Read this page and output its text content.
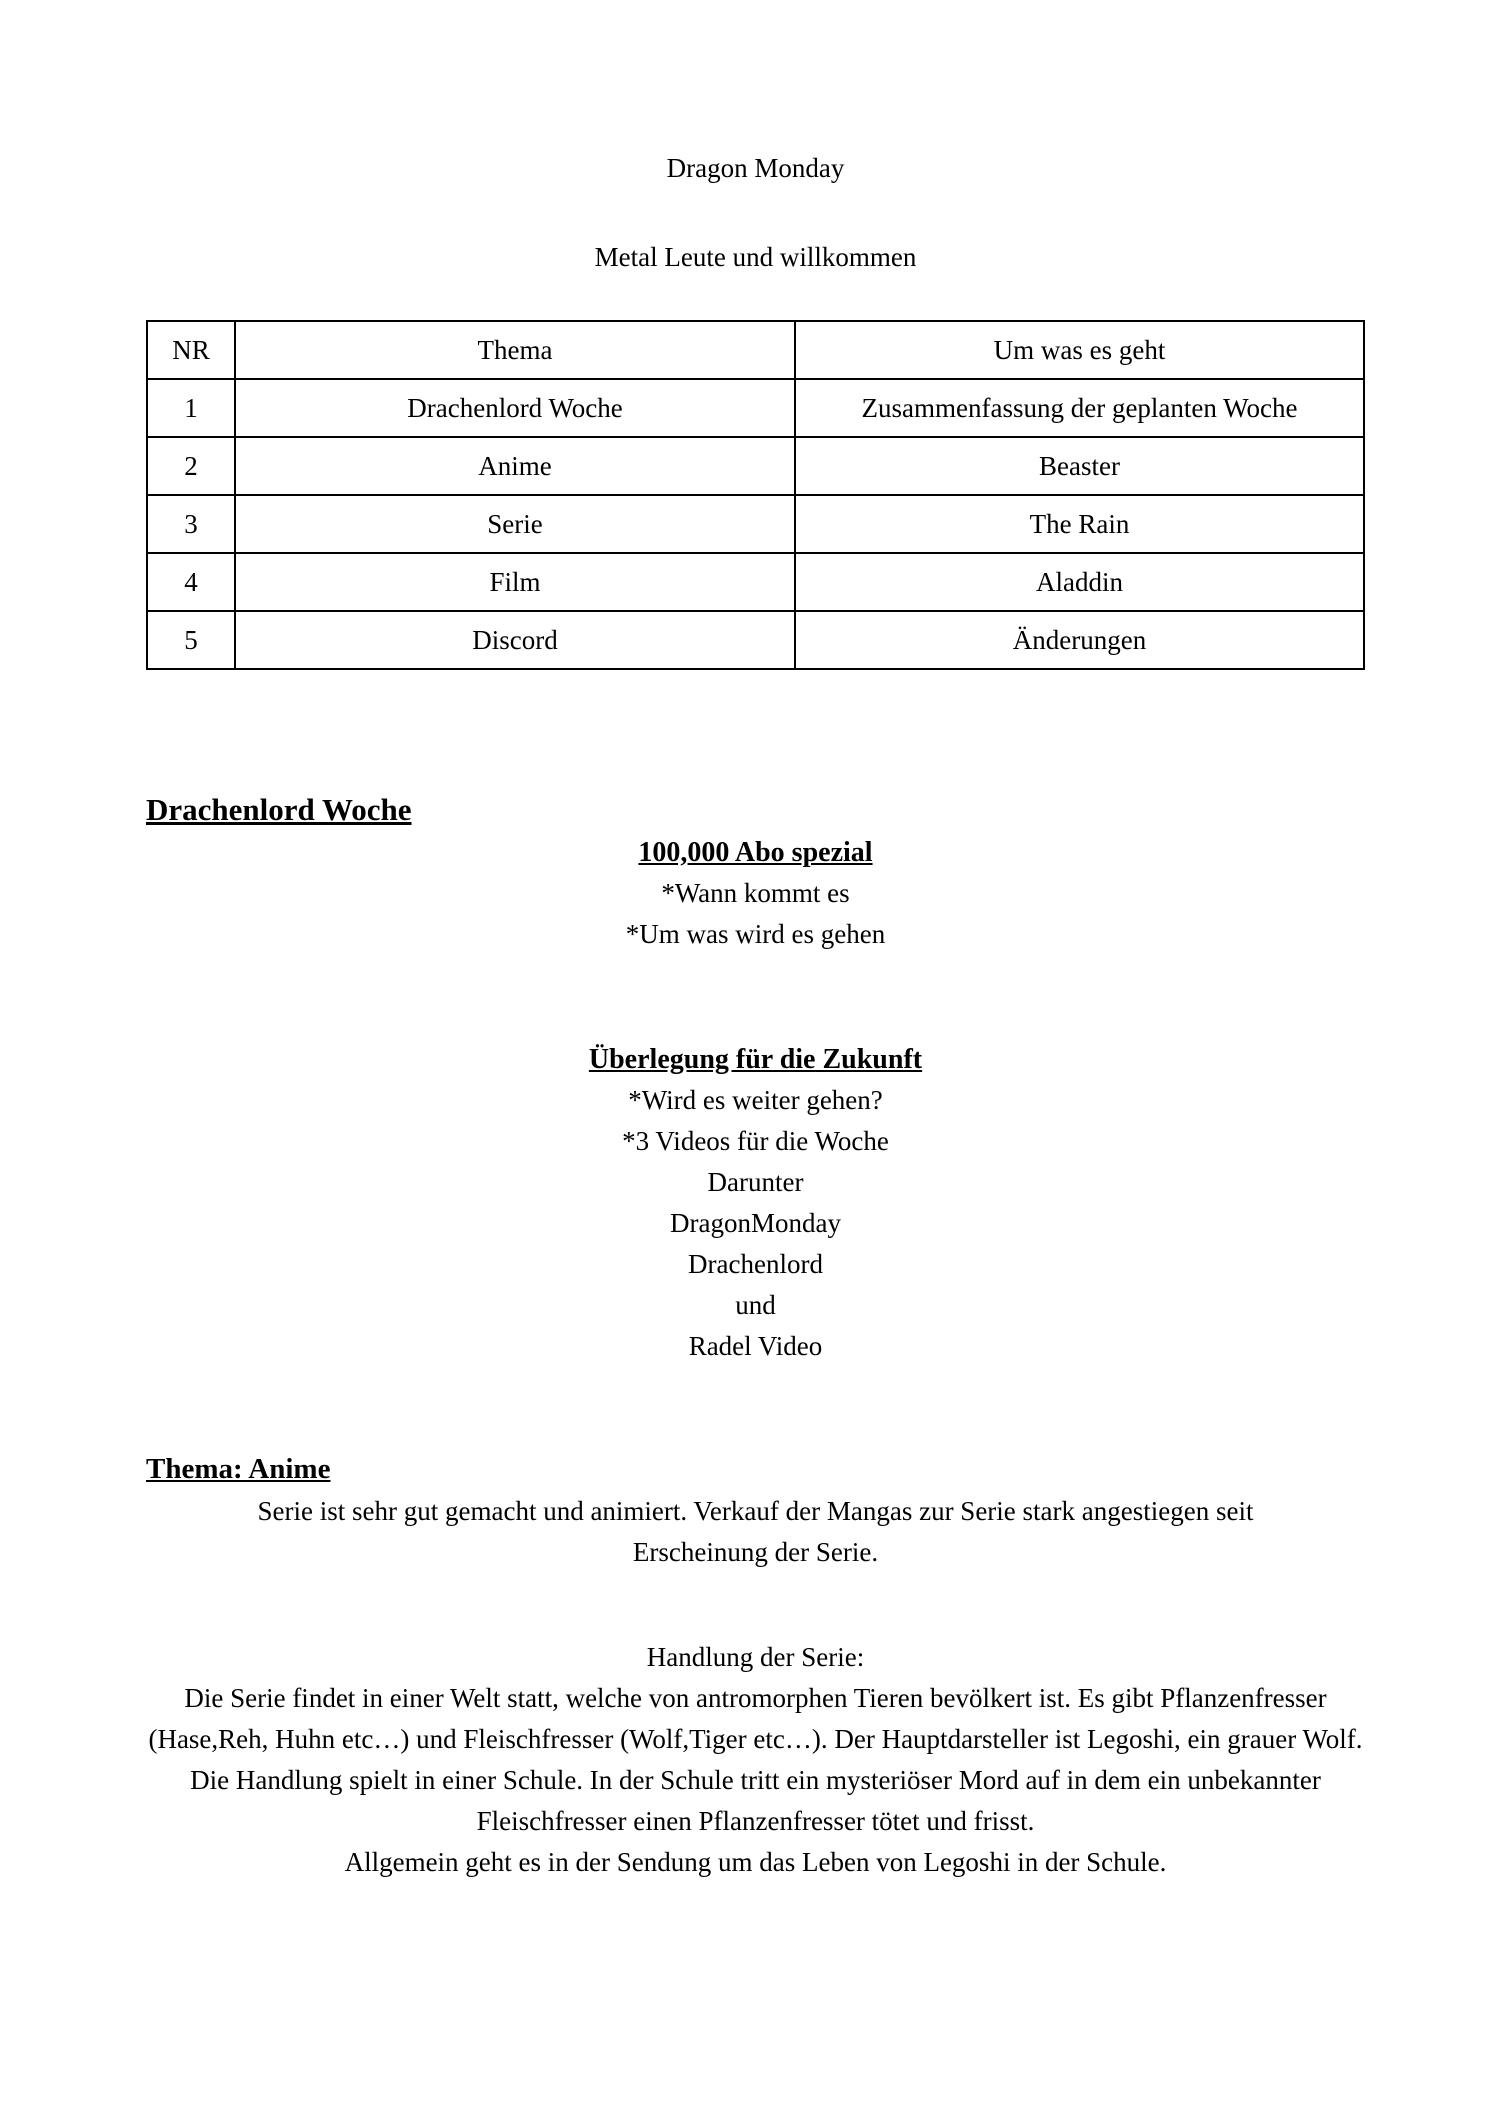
Dragon Monday
Metal Leute und willkommen
NR	Thema	Um was es geht
1	Drachenlord Woche	Zusammenfassung der geplanten Woche
2	Anime	Beaster
3	Serie	The Rain
4	Film	Aladdin
5	Discord	Änderungen
Drachenlord Woche
100,000 Abo spezial
*Wann kommt es
*Um was wird es gehen
Überlegung für die Zukunft
*Wird es weiter gehen?
*3 Videos für die Woche
Darunter
DragonMonday
Drachenlord
und
Radel Video
Thema: Anime
Serie ist sehr gut gemacht und animiert. Verkauf der Mangas zur Serie stark angestiegen seit Erscheinung der Serie.
Handlung der Serie:
Die Serie findet in einer Welt statt, welche von antromorphen Tieren bevölkert ist. Es gibt Pflanzenfresser (Hase,Reh, Huhn etc…) und Fleischfresser (Wolf,Tiger etc…). Der Hauptdarsteller ist Legoshi, ein grauer Wolf. Die Handlung spielt in einer Schule. In der Schule tritt ein mysteriöser Mord auf in dem ein unbekannter Fleischfresser einen Pflanzenfresser tötet und frisst.
Allgemein geht es in der Sendung um das Leben von Legoshi in der Schule.
